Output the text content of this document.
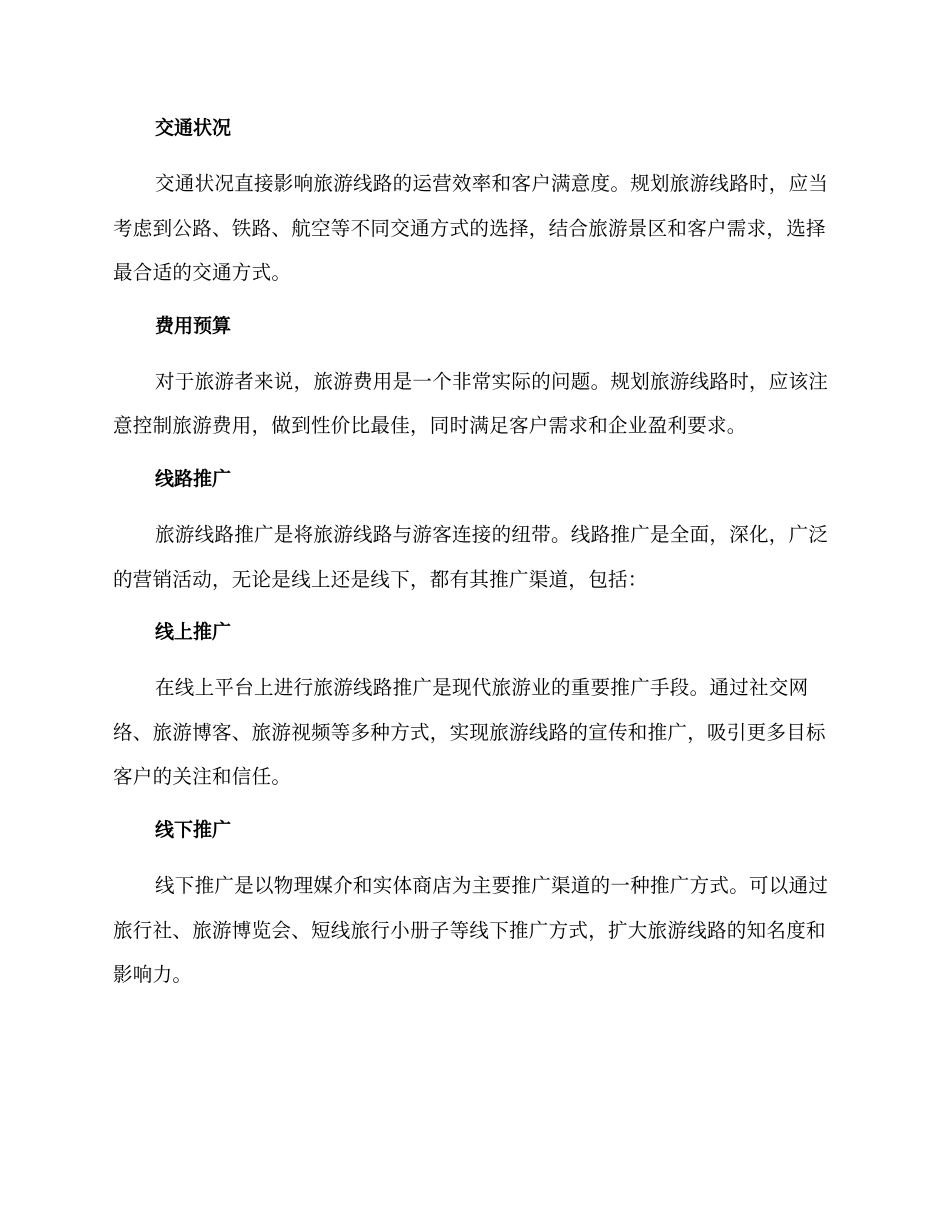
交通状况

交通状况直接影响旅游线路的运营效率和客户满意度。规划旅游线路时，应当考虑到公路、铁路、航空等不同交通方式的选择，结合旅游景区和客户需求，选择最合适的交通方式。

费用预算

对于旅游者来说，旅游费用是一个非常实际的问题。规划旅游线路时，应该注意控制旅游费用，做到性价比最佳，同时满足客户需求和企业盈利要求。

线路推广

旅游线路推广是将旅游线路与游客连接的纽带。线路推广是全面，深化，广泛的营销活动，无论是线上还是线下，都有其推广渠道，包括：

线上推广

在线上平台上进行旅游线路推广是现代旅游业的重要推广手段。通过社交网络、旅游博客、旅游视频等多种方式，实现旅游线路的宣传和推广，吸引更多目标客户的关注和信任。

线下推广

线下推广是以物理媒介和实体商店为主要推广渠道的一种推广方式。可以通过旅行社、旅游博览会、短线旅行小册子等线下推广方式，扩大旅游线路的知名度和影响力。
